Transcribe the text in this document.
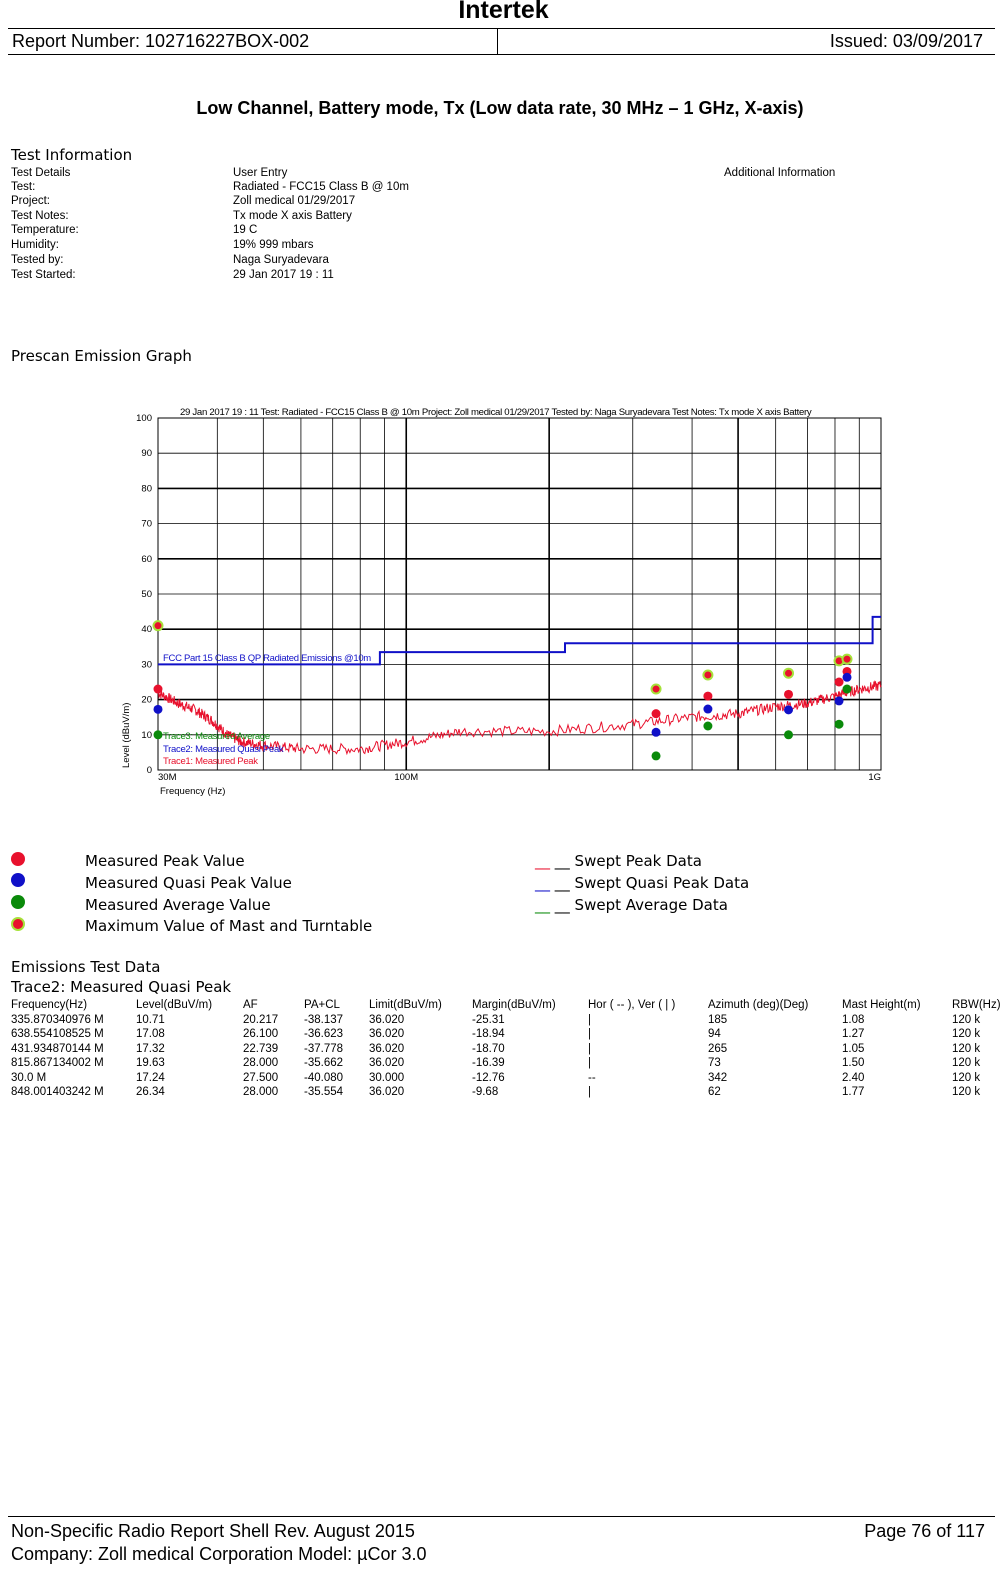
Intertek
Report Number: 102716227BOX-002	Issued: 03/09/2017
Low Channel, Battery mode, Tx (Low data rate, 30 MHz – 1 GHz, X-axis)
Test Information
Test Details	User Entry	Additional Information
Test:	Radiated - FCC15 Class B @ 10m
Project:	Zoll medical 01/29/2017
Test Notes:	Tx mode X axis Battery
Temperature:	19 C
Humidity:	19% 999 mbars
Tested by:	Naga Suryadevara
Test Started:	29 Jan 2017 19 : 11
Prescan Emission Graph
0
10
20
30
40
50
60
70
80
90
100
30M	100M	1G
29 Jan 2017 19 : 11 Test: Radiated - FCC15 Class B @ 10m Project: Zoll medical 01/29/2017 Tested by: Naga Suryadevara Test Notes: Tx mode X axis Battery
FCC Part 15 Class B QP Radiated Emissions @10m
Trace3: Measured Average
Trace2: Measured Quasi Peak
Trace1: Measured Peak
Frequency (Hz)
Level (dBuV/m)
Measured Peak Value
Measured Quasi Peak Value
Measured Average Value
Maximum Value of Mast and Turntable
__ __ Swept Peak Data
__ __ Swept Quasi Peak Data
__ __ Swept Average Data
Emissions Test Data
Trace2: Measured Quasi Peak
Frequency(Hz)	Level(dBuV/m)	AF	PA+CL	Limit(dBuV/m)	Margin(dBuV/m)	Hor ( -- ), Ver ( | )	Azimuth (deg)(Deg)	Mast Height(m)	RBW(Hz)
335.870340976 M	10.71	20.217	-38.137	36.020	-25.31	|	185	1.08	120 k
638.554108525 M	17.08	26.100	-36.623	36.020	-18.94	|	94	1.27	120 k
431.934870144 M	17.32	22.739	-37.778	36.020	-18.70	|	265	1.05	120 k
815.867134002 M	19.63	28.000	-35.662	36.020	-16.39	|	73	1.50	120 k
30.0 M	17.24	27.500	-40.080	30.000	-12.76	--	342	2.40	120 k
848.001403242 M	26.34	28.000	-35.554	36.020	-9.68	|	62	1.77	120 k
Non-Specific Radio Report Shell Rev. August 2015	Page 76 of 117
Company: Zoll medical Corporation Model: µCor 3.0
